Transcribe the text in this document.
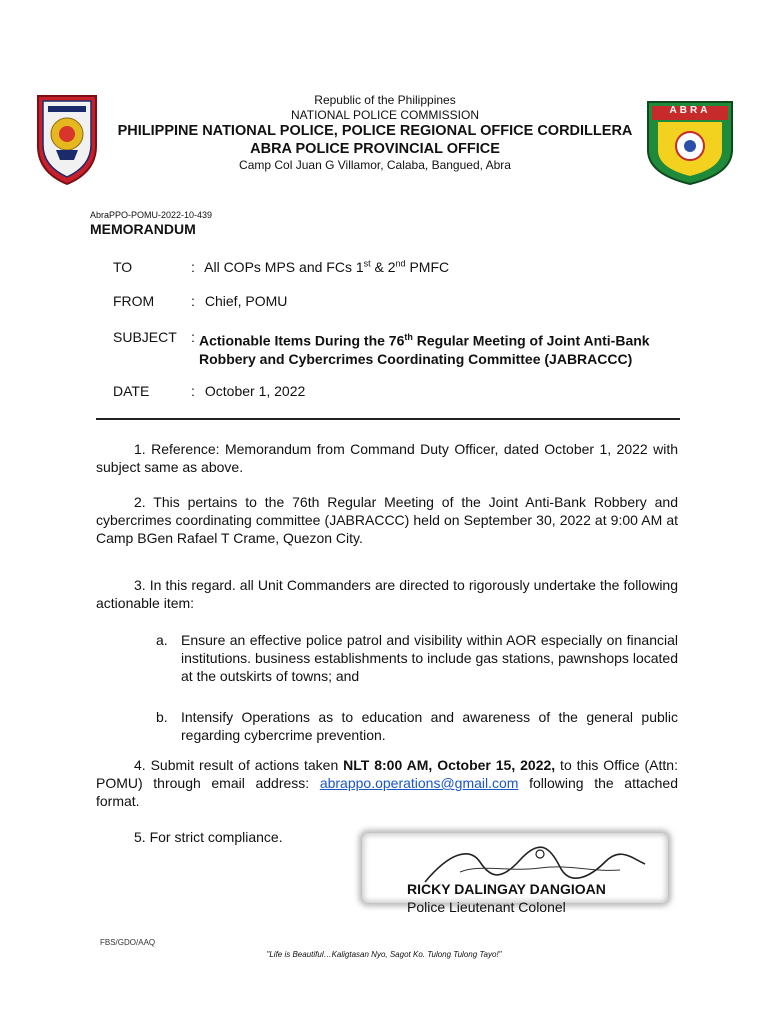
ABRA
Republic of the Philippines
NATIONAL POLICE COMMISSION
PHILIPPINE NATIONAL POLICE, POLICE REGIONAL OFFICE CORDILLERA
ABRA POLICE PROVINCIAL OFFICE
Camp Col Juan G Villamor, Calaba, Bangued, Abra
AbraPPO-POMU-2022-10-439
MEMORANDUM
TO	: All COPs MPS and FCs 1st & 2nd PMFC
FROM	: Chief, POMU
SUBJECT : Actionable Items During the 76th Regular Meeting of Joint Anti-Bank Robbery and Cybercrimes Coordinating Committee (JABRACCC)
DATE	: October 1, 2022
1. Reference: Memorandum from Command Duty Officer, dated October 1, 2022 with subject same as above.
2. This pertains to the 76th Regular Meeting of the Joint Anti-Bank Robbery and cybercrimes coordinating committee (JABRACCC) held on September 30, 2022 at 9:00 AM at Camp BGen Rafael T Crame, Quezon City.
3. In this regard. all Unit Commanders are directed to rigorously undertake the following actionable item:
a. Ensure an effective police patrol and visibility within AOR especially on financial institutions. business establishments to include gas stations, pawnshops located at the outskirts of towns; and
b. Intensify Operations as to education and awareness of the general public regarding cybercrime prevention.
4. Submit result of actions taken NLT 8:00 AM, October 15, 2022, to this Office (Attn: POMU) through email address: abrappo.operations@gmail.com following the attached format.
5. For strict compliance.
RICKY DALINGAY DANGIOAN
Police Lieutenant Colonel
FBS/GDO/AAQ
"Life is Beautiful…Kaligtasan Nyo, Sagot Ko. Tulong Tulong Tayo!"
